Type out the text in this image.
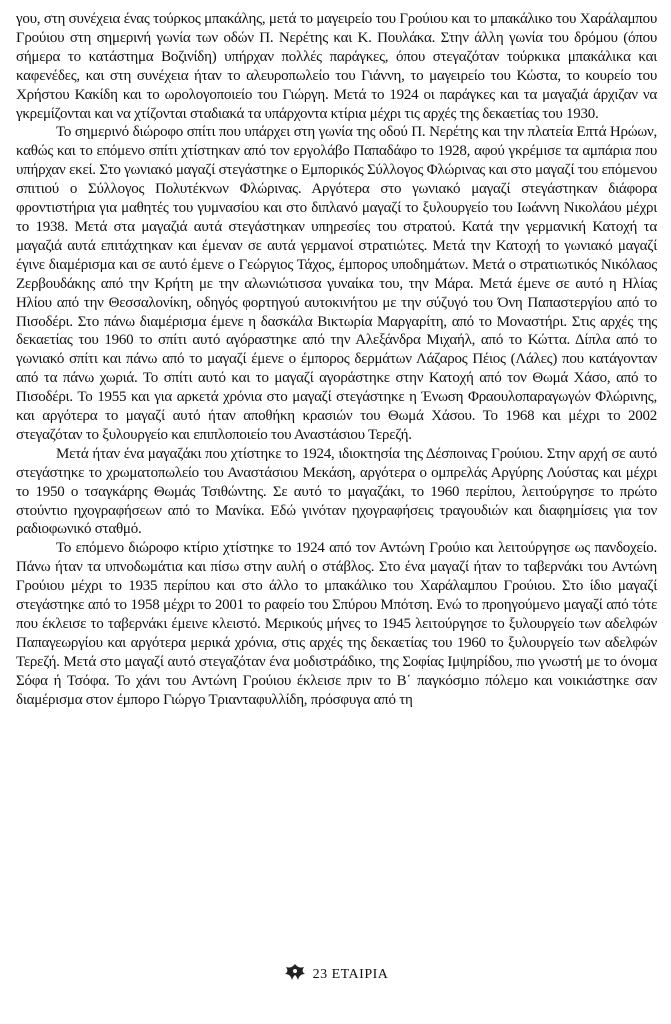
γου, στη συνέχεια ένας τούρκος μπακάλης, μετά το μαγειρείο του Γρούιου και το μπακάλικο του Χαράλαμπου Γρούιου στη σημερινή γωνία των οδών Π. Νερέτης και Κ. Πουλάκα. Στην άλλη γωνία του δρόμου (όπου σήμερα το κατάστημα Βοζινίδη) υπήρχαν πολλές παράγκες, όπου στεγαζόταν τούρκικα μπακάλικα και καφενέδες, και στη συνέχεια ήταν το αλευροπωλείο του Γιάννη, το μαγειρείο του Κώστα, το κουρείο του Χρήστου Κακίδη και το ωρολογοποιείο του Γιώργη. Μετά το 1924 οι παράγκες και τα μαγαζιά άρχιζαν να γκρεμίζονται και να χτίζονται σταδιακά τα υπάρχοντα κτίρια μέχρι τις αρχές της δεκαετίας του 1930.

Το σημερινό διώροφο σπίτι που υπάρχει στη γωνία της οδού Π. Νερέτης και την πλατεία Επτά Ηρώων, καθώς και το επόμενο σπίτι χτίστηκαν από τον εργολάβο Παπαδάφο το 1928, αφού γκρέμισε τα αμπάρια που υπήρχαν εκεί. Στο γωνιακό μαγαζί στεγάστηκε ο Εμπορικός Σύλλογος Φλώρινας και στο μαγαζί του επόμενου σπιτιού ο Σύλλογος Πολυτέκνων Φλώρινας. Αργότερα στο γωνιακό μαγαζί στεγάστηκαν διάφορα φροντιστήρια για μαθητές του γυμνασίου και στο διπλανό μαγαζί το ξυλουργείο του Ιωάννη Νικολάου μέχρι το 1938. Μετά στα μαγαζιά αυτά στεγάστηκαν υπηρεσίες του στρατού. Κατά την γερμανική Κατοχή τα μαγαζιά αυτά επιτάχτηκαν και έμεναν σε αυτά γερμανοί στρατιώτες. Μετά την Κατοχή το γωνιακό μαγαζί έγινε διαμέρισμα και σε αυτό έμενε ο Γεώργιος Τάχος, έμπορος υποδημάτων. Μετά ο στρατιωτικός Νικόλαος Ζερβουδάκης από την Κρήτη με την αλωνιώτισσα γυναίκα του, την Μάρα. Μετά έμενε σε αυτό η Ηλίας Ηλίου από την Θεσσαλονίκη, οδηγός φορτηγού αυτοκινήτου με την σύζυγό του Όνη Παπαστεργίου από το Πισοδέρι. Στο πάνω διαμέρισμα έμενε η δασκάλα Βικτωρία Μαργαρίτη, από το Μοναστήρι. Στις αρχές της δεκαετίας του 1960 το σπίτι αυτό αγόραστηκε από την Αλεξάνδρα Μιχαήλ, από το Κώττα. Δίπλα από το γωνιακό σπίτι και πάνω από το μαγαζί έμενε ο έμπορος δερμάτων Λάζαρος Πέιος (Λάλες) που κατάγονταν από τα πάνω χωριά. Το σπίτι αυτό και το μαγαζί αγοράστηκε στην Κατοχή από τον Θωμά Χάσο, από το Πισοδέρι. Το 1955 και για αρκετά χρόνια στο μαγαζί στεγάστηκε η Ένωση Φραουλοπαραγωγών Φλώρινης, και αργότερα το μαγαζί αυτό ήταν αποθήκη κρασιών του Θωμά Χάσου. Το 1968 και μέχρι το 2002 στεγαζόταν το ξυλουργείο και επιπλοποιείο του Αναστάσιου Τερεζή.

Μετά ήταν ένα μαγαζάκι που χτίστηκε το 1924, ιδιοκτησία της Δέσποινας Γρούιου. Στην αρχή σε αυτό στεγάστηκε το χρωματοπωλείο του Αναστάσιου Μεκάση, αργότερα ο ομπρελάς Αργύρης Λούστας και μέχρι το 1950 ο τσαγκάρης Θωμάς Τσιθώντης. Σε αυτό το μαγαζάκι, το 1960 περίπου, λειτούργησε το πρώτο στούντιο ηχογραφήσεων από το Μανίκα. Εδώ γινόταν ηχογραφήσεις τραγουδιών και διαφημίσεις για τον ραδιοφωνικό σταθμό.

Το επόμενο διώροφο κτίριο χτίστηκε το 1924 από τον Αντώνη Γρούιο και λειτούργησε ως πανδοχείο. Πάνω ήταν τα υπνοδωμάτια και πίσω στην αυλή ο στάβλος. Στο ένα μαγαζί ήταν το ταβερνάκι του Αντώνη Γρούιου μέχρι το 1935 περίπου και στο άλλο το μπακάλικο του Χαράλαμπου Γρούιου. Στο ίδιο μαγαζί στεγάστηκε από το 1958 μέχρι το 2001 το ραφείο του Σπύρου Μπότση. Ενώ το προηγούμενο μαγαζί από τότε που έκλεισε το ταβερνάκι έμεινε κλειστό. Μερικούς μήνες το 1945 λειτούργησε το ξυλουργείο των αδελφών Παπαγεωργίου και αργότερα μερικά χρόνια, στις αρχές της δεκαετίας του 1960 το ξυλουργείο των αδελφών Τερεζή. Μετά στο μαγαζί αυτό στεγαζόταν ένα μοδιστράδικο, της Σοφίας Ιμψηρίδου, πιο γνωστή με το όνομα Σόφα ή Τσόφα. Το χάνι του Αντώνη Γρούιου έκλεισε πριν το Β΄ παγκόσμιο πόλεμο και νοικιάστηκε σαν διαμέρισμα στον έμπορο Γιώργο Τριανταφυλλίδη, πρόσφυγα από τη

23 ΕΤΑΙΡΙΑ
